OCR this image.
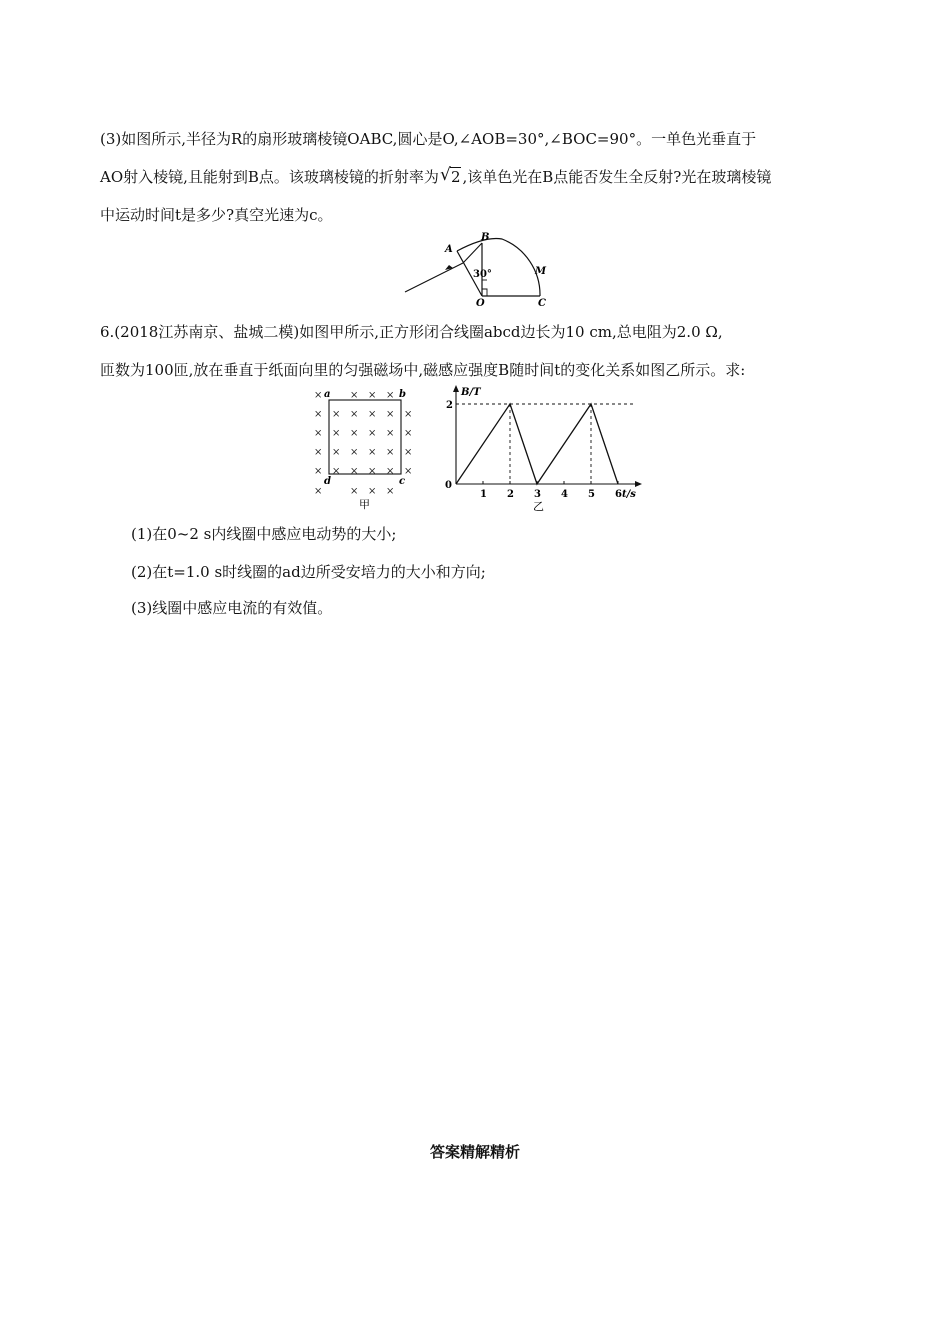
(3)如图所示,半径为R的扇形玻璃棱镜OABC,圆心是O,∠AOB=30°,∠BOC=90°。一单色光垂直于
AO射入棱镜,且能射到B点。该玻璃棱镜的折射率为 √ 2 ,该单色光在B点能否发生全反射?光在玻璃棱镜
中运动时间t是多少?真空光速为c。
A
B
M
O	C
30°
6.(2018江苏南京、盐城二模)如图甲所示,正方形闭合线圈abcd边长为10 cm,总电阻为2.0 Ω,
匝数为100匝,放在垂直于纸面向里的匀强磁场中,磁感应强度B随时间t的变化关系如图乙所示。求:
×	× × ×
× × × × × ×
× × × × × ×
× × × × × ×
× × × × × ×
×	× × ×
a	b
c
d
甲
1 2 3 4 5 6
2
0
B/T
t/s
乙
(1)在0~2 s内线圈中感应电动势的大小;
(2)在t=1.0 s时线圈的ad边所受安培力的大小和方向;
(3)线圈中感应电流的有效值。
答案精解精析
